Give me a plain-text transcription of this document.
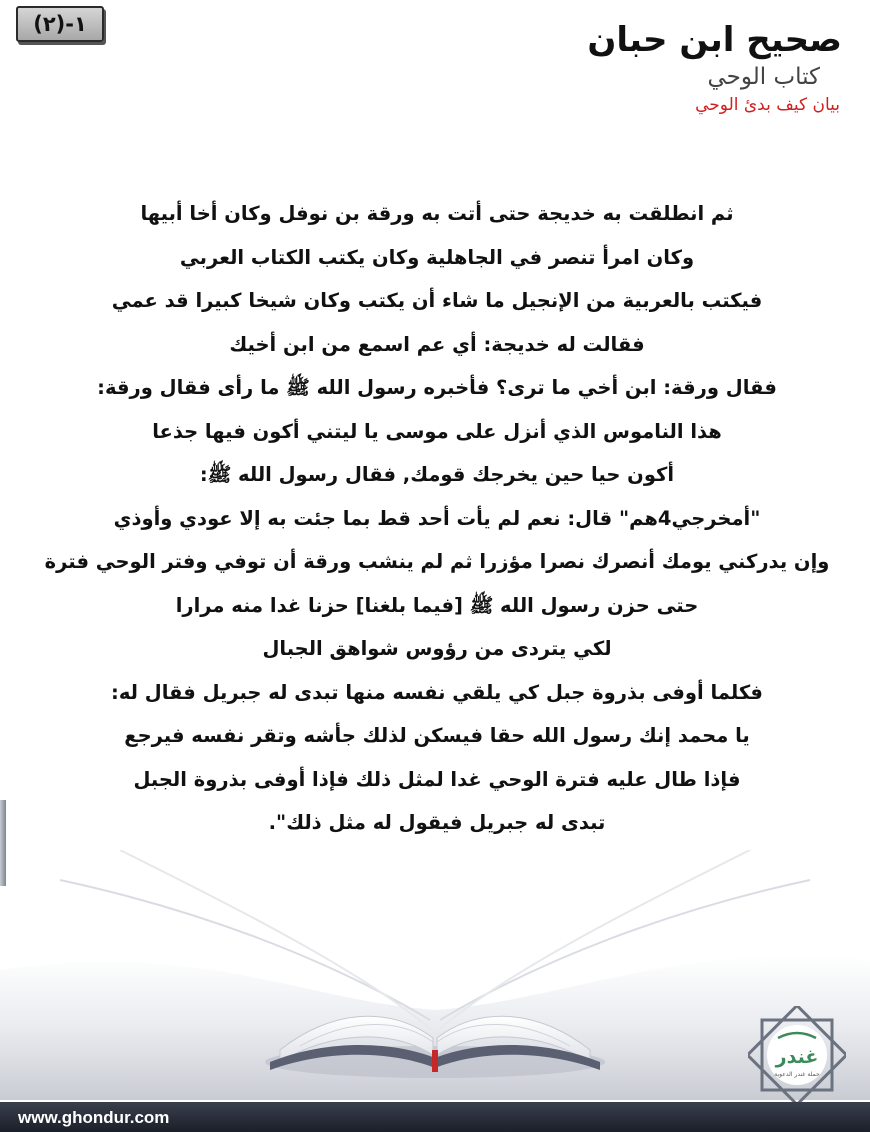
١-(٢)	صحيح ابن حبان
كتاب الوحي
بيان كيف بدئ الوحي
ثم انطلقت به خديجة حتى أتت به ورقة بن نوفل وكان أخا أبيها
وكان امرأ تنصر في الجاهلية وكان يكتب الكتاب العربي
فيكتب بالعربية من الإنجيل ما شاء أن يكتب وكان شيخا كبيرا قد عمي
فقالت له خديجة: أي عم اسمع من ابن أخيك
فقال ورقة: ابن أخي ما ترى؟ فأخبره رسول الله ﷺ ما رأى فقال ورقة:
هذا الناموس الذي أنزل على موسى يا ليتني أكون فيها جذعا
أكون حيا حين يخرجك قومك, فقال رسول الله ﷺ:
"أمخرجي4هم" قال: نعم لم يأت أحد قط بما جئت به إلا عودي وأوذي
وإن يدركني يومك أنصرك نصرا مؤزرا ثم لم ينشب ورقة أن توفي وفتر الوحي فترة
حتى حزن رسول الله ﷺ [فيما بلغنا] حزنا غدا منه مرارا
لكي يتردى من رؤوس شواهق الجبال
فكلما أوفى بذروة جبل كي يلقي نفسه منها تبدى له جبريل فقال له:
يا محمد إنك رسول الله حقا فيسكن لذلك جأشه وتقر نفسه فيرجع
فإذا طال عليه فترة الوحي غدا لمثل ذلك فإذا أوفى بذروة الجبل
تبدى له جبريل فيقول له مثل ذلك".
غندر
حملة غندر الدعوية
www.ghondur.com
